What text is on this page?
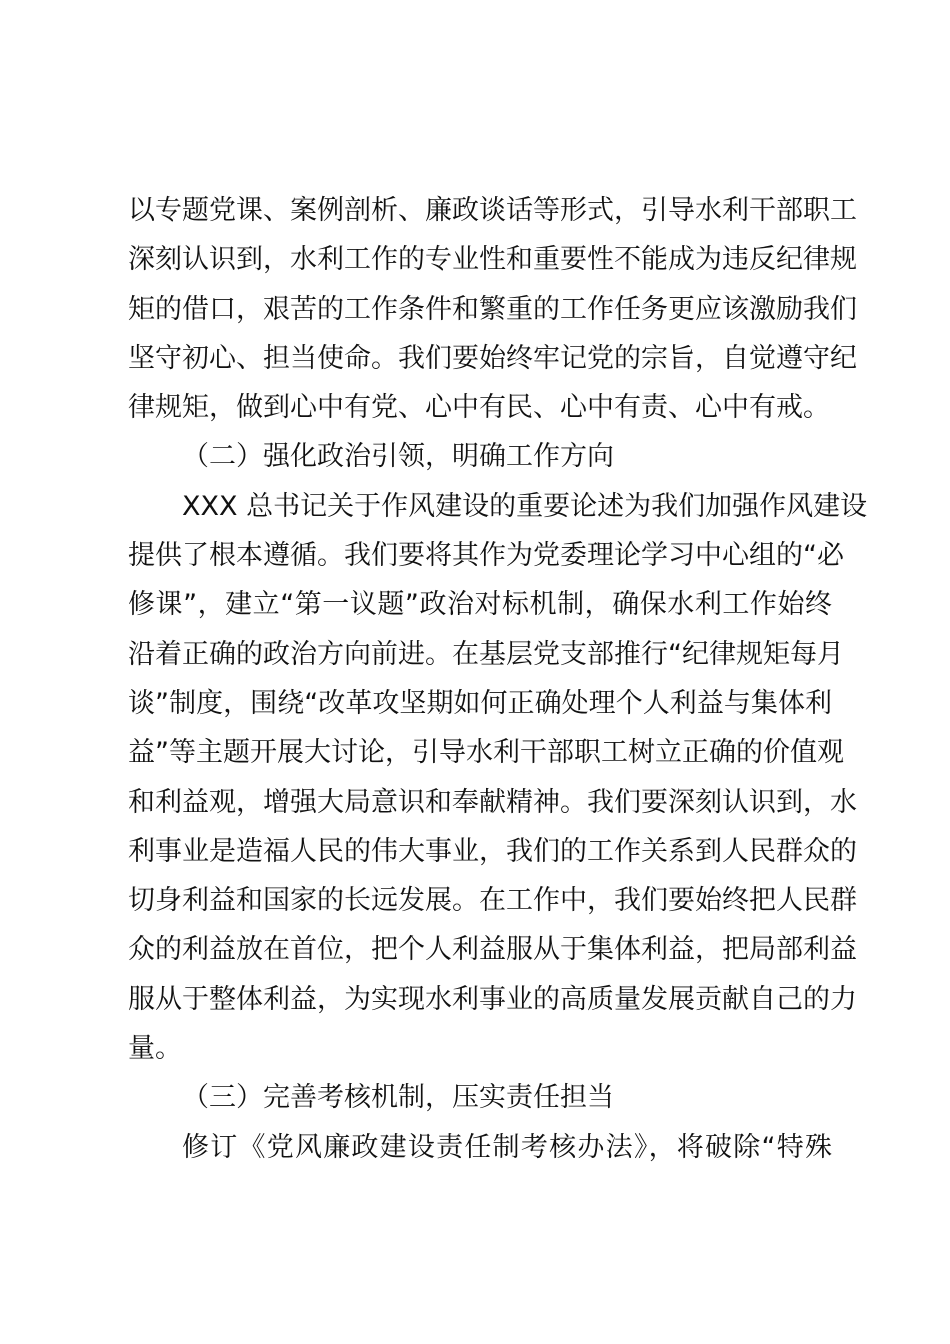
以专题党课、案例剖析、廉政谈话等形式，引导水利干部职工
深刻认识到，水利工作的专业性和重要性不能成为违反纪律规
矩的借口，艰苦的工作条件和繁重的工作任务更应该激励我们
坚守初心、担当使命。我们要始终牢记党的宗旨，自觉遵守纪
律规矩，做到心中有党、心中有民、心中有责、心中有戒。
（二）强化政治引领，明确工作方向
XXX 总书记关于作风建设的重要论述为我们加强作风建设
提供了根本遵循。我们要将其作为党委理论学习中心组的“必
修课”，建立“第一议题”政治对标机制，确保水利工作始终
沿着正确的政治方向前进。在基层党支部推行“纪律规矩每月
谈”制度，围绕“改革攻坚期如何正确处理个人利益与集体利
益”等主题开展大讨论，引导水利干部职工树立正确的价值观
和利益观，增强大局意识和奉献精神。我们要深刻认识到，水
利事业是造福人民的伟大事业，我们的工作关系到人民群众的
切身利益和国家的长远发展。在工作中，我们要始终把人民群
众的利益放在首位，把个人利益服从于集体利益，把局部利益
服从于整体利益，为实现水利事业的高质量发展贡献自己的力
量。
（三）完善考核机制，压实责任担当
修订《党风廉政建设责任制考核办法》，将破除“特殊
